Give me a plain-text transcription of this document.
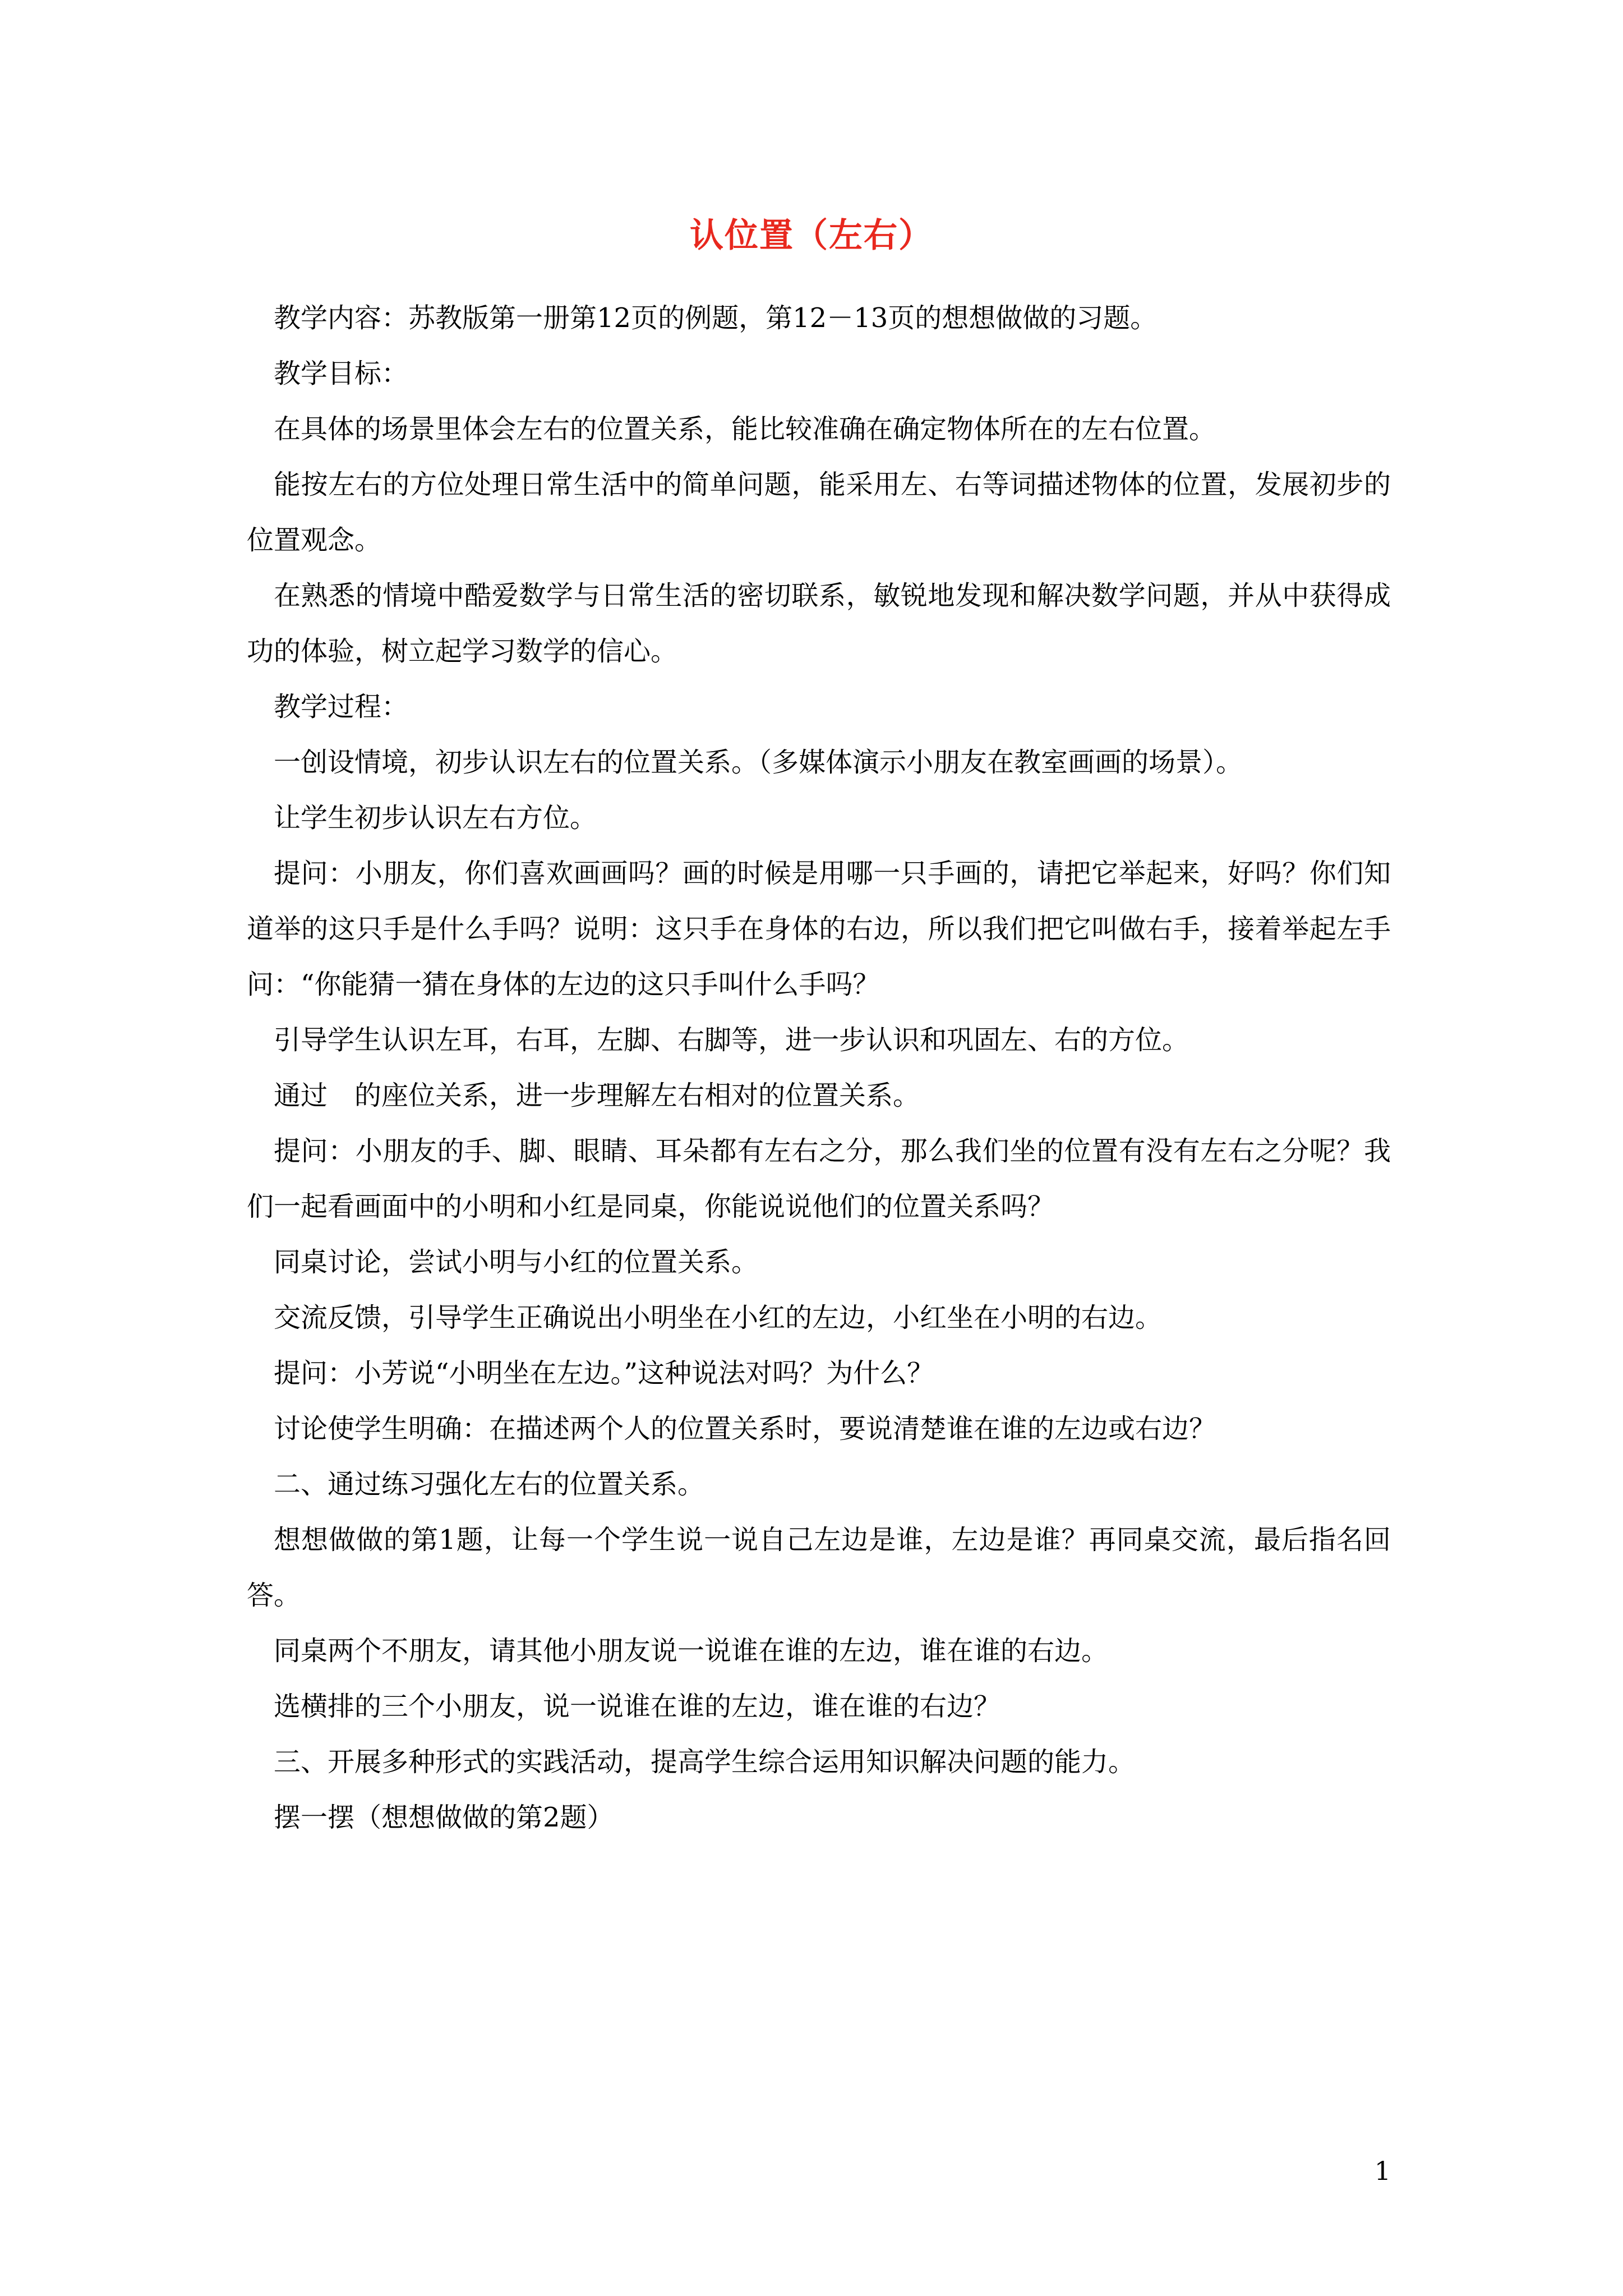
认位置（左右）

教学内容：苏教版第一册第12页的例题，第12－13页的想想做做的习题。

教学目标：

在具体的场景里体会左右的位置关系，能比较准确在确定物体所在的左右位置。

能按左右的方位处理日常生活中的简单问题，能采用左、右等词描述物体的位置，发展初步的位置观念。

在熟悉的情境中酷爱数学与日常生活的密切联系，敏锐地发现和解决数学问题，并从中获得成功的体验，树立起学习数学的信心。

教学过程：

一创设情境，初步认识左右的位置关系。（多媒体演示小朋友在教室画画的场景）。

让学生初步认识左右方位。

提问：小朋友，你们喜欢画画吗？画的时候是用哪一只手画的，请把它举起来，好吗？你们知道举的这只手是什么手吗？说明：这只手在身体的右边，所以我们把它叫做右手，接着举起左手问：“你能猜一猜在身体的左边的这只手叫什么手吗？

引导学生认识左耳，右耳，左脚、右脚等，进一步认识和巩固左、右的方位。

通过　的座位关系，进一步理解左右相对的位置关系。

提问：小朋友的手、脚、眼睛、耳朵都有左右之分，那么我们坐的位置有没有左右之分呢？我们一起看画面中的小明和小红是同桌，你能说说他们的位置关系吗？

同桌讨论，尝试小明与小红的位置关系。

交流反馈，引导学生正确说出小明坐在小红的左边，小红坐在小明的右边。

提问：小芳说“小明坐在左边。”这种说法对吗？为什么？

讨论使学生明确：在描述两个人的位置关系时，要说清楚谁在谁的左边或右边？

二、通过练习强化左右的位置关系。

想想做做的第1题，让每一个学生说一说自己左边是谁，左边是谁？再同桌交流，最后指名回答。

同桌两个不朋友，请其他小朋友说一说谁在谁的左边，谁在谁的右边。

选横排的三个小朋友，说一说谁在谁的左边，谁在谁的右边？

三、开展多种形式的实践活动，提高学生综合运用知识解决问题的能力。

摆一摆（想想做做的第2题）

1
